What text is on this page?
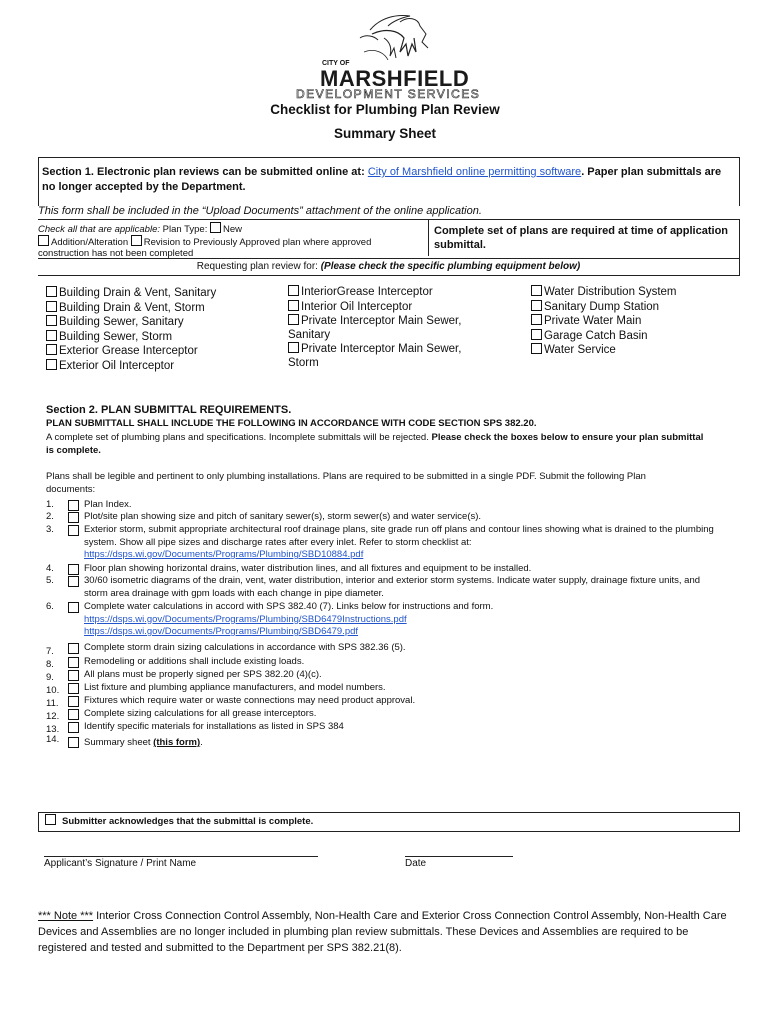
CITY OF
MARSHFIELD
DEVELOPMENT SERVICES
Checklist for Plumbing Plan Review
Summary Sheet
Section 1. Electronic plan reviews can be submitted online at: City of Marshfield online permitting software. Paper plan submittals are no longer accepted by the Department.
This form shall be included in the “Upload Documents” attachment of the online application.
Check all that are applicable: Plan Type: New
Addition/Alteration Revision to Previously Approved plan where approved
construction has not been completed
Complete set of plans are required at time of application submittal.
Requesting plan review for: (Please check the specific plumbing equipment below)
Building Drain & Vent, Sanitary
Building Drain & Vent, Storm
Building Sewer, Sanitary
Building Sewer, Storm
Exterior Grease Interceptor
Exterior Oil Interceptor
InteriorGrease Interceptor
Interior Oil Interceptor
Private Interceptor Main Sewer,
Sanitary
Private Interceptor Main Sewer,
Storm
Water Distribution System
Sanitary Dump Station
Private Water Main
Garage Catch Basin
Water Service
Section 2. PLAN SUBMITTAL REQUIREMENTS.
PLAN SUBMITTALL SHALL INCLUDE THE FOLLOWING IN ACCORDANCE WITH CODE SECTION SPS 382.20.
A complete set of plumbing plans and specifications. Incomplete submittals will be rejected. Please check the boxes below to ensure your plan submittal is complete.
Plans shall be legible and pertinent to only plumbing installations. Plans are required to be submitted in a single PDF. Submit the following Plan documents:
1.	Plan Index.
2.	Plot/site plan showing size and pitch of sanitary sewer(s), storm sewer(s) and water service(s).
3.	Exterior storm, submit appropriate architectural roof drainage plans, site grade run off plans and contour lines showing what is drained to the plumbing system. Show all pipe sizes and discharge rates after every inlet. Refer to storm checklist at:
https://dsps.wi.gov/Documents/Programs/Plumbing/SBD10884.pdf
4.	Floor plan showing horizontal drains, water distribution lines, and all fixtures and equipment to be installed.
5.	30/60 isometric diagrams of the drain, vent, water distribution, interior and exterior storm systems. Indicate water supply, drainage fixture units, and storm area drainage with gpm loads with each change in pipe diameter.
6.	Complete water calculations in accord with SPS 382.40 (7). Links below for instructions and form.
https://dsps.wi.gov/Documents/Programs/Plumbing/SBD6479Instructions.pdf
https://dsps.wi.gov/Documents/Programs/Plumbing/SBD6479.pdf
7.	Complete storm drain sizing calculations in accordance with SPS 382.36 (5).
8.	Remodeling or additions shall include existing loads.
9.	All plans must be properly signed per SPS 382.20 (4)(c).
10.	List fixture and plumbing appliance manufacturers, and model numbers.
11.	Fixtures which require water or waste connections may need product approval.
12.	Complete sizing calculations for all grease interceptors.
13.	Identify specific materials for installations as listed in SPS 384
14.	Summary sheet (this form).
Submitter acknowledges that the submittal is complete.
Applicant’s Signature / Print Name	Date
*** Note *** Interior Cross Connection Control Assembly, Non-Health Care and Exterior Cross Connection Control Assembly, Non-Health Care Devices and Assemblies are no longer included in plumbing plan review submittals. These Devices and Assemblies are required to be registered and tested and submitted to the Department per SPS 382.21(8).
